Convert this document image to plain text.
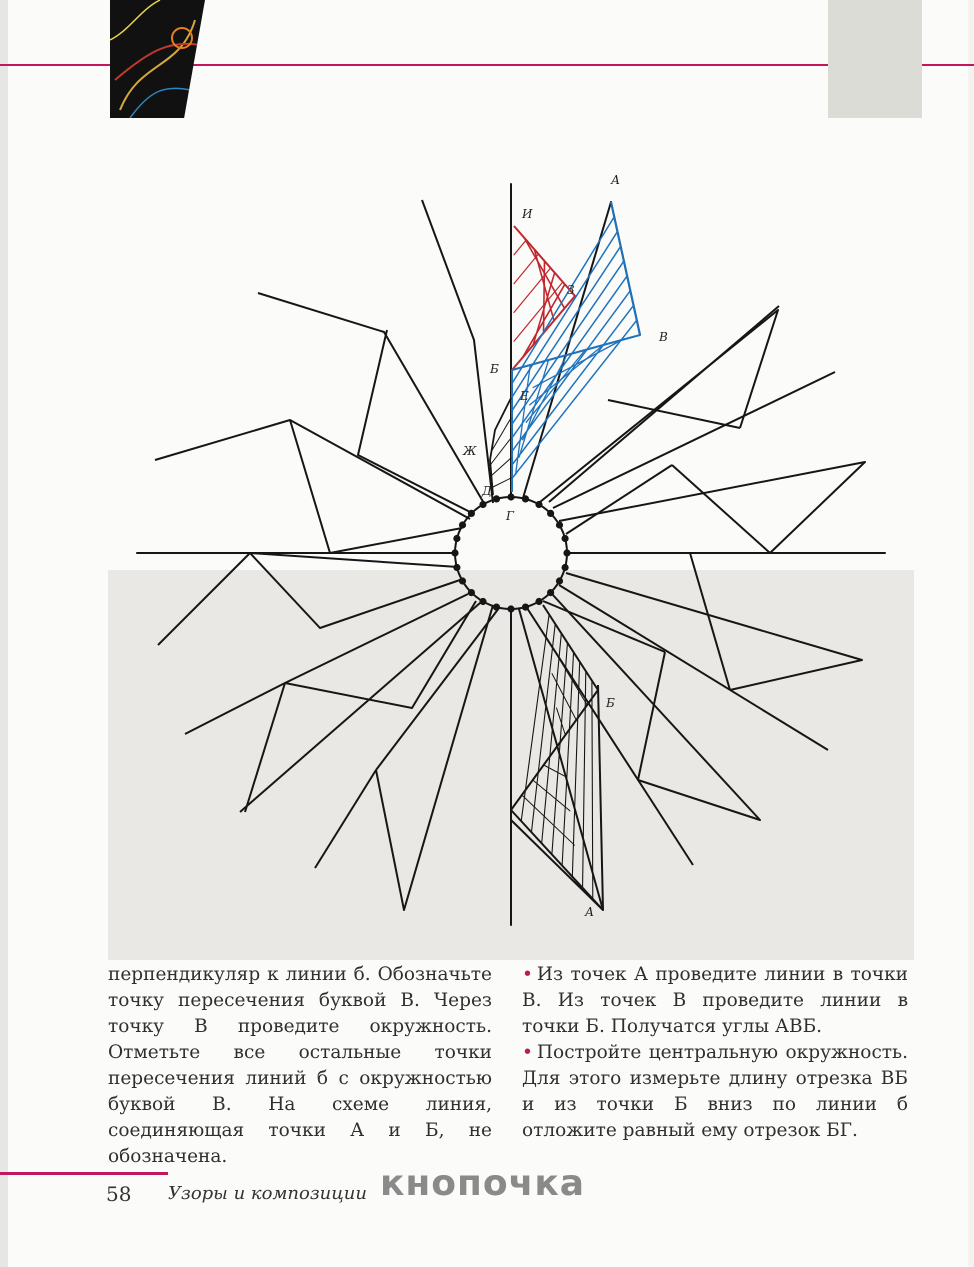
А
И
З
В
Б
Е
Ж
Д
Г
Б
А

перпендикуляр к линии б. Обозначьте точку пересечения буквой В. Через точку В проведите окружность. Отметьте все остальные точки пересечения линий б с окружностью буквой В. На схеме линия, соединяющая точки А и Б, не обозначена.

• Из точек А проведите линии в точки В. Из точек В проведите линии в точки Б. Получатся углы АВБ.

• Постройте центральную окружность. Для этого измерьте длину отрезка ВБ и из точки Б вниз по линии б отложите равный ему отрезок БГ.

58 Узоры и композиции кнопочка
